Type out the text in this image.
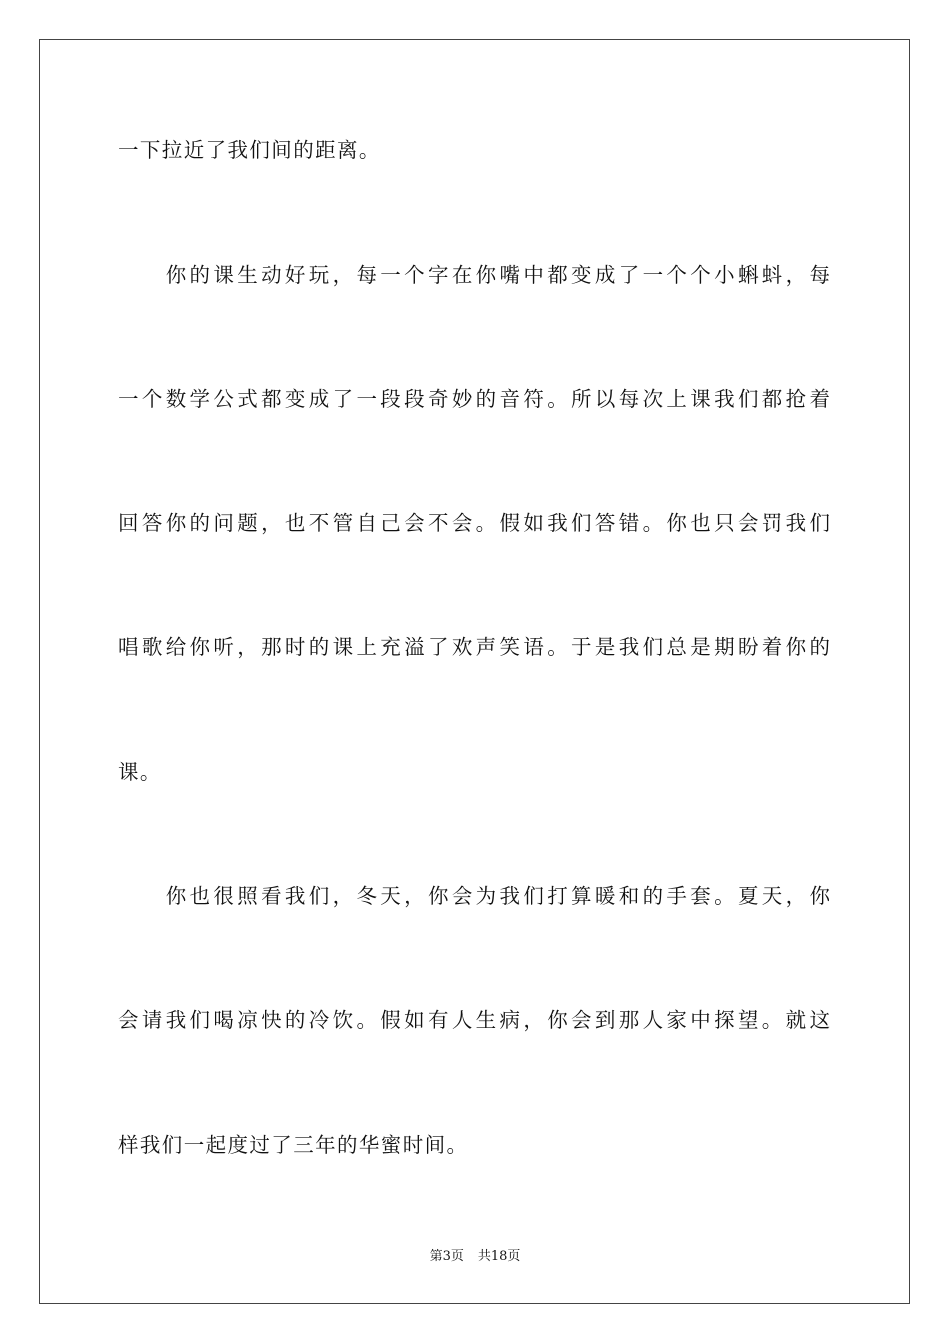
一下拉近了我们间的距离。
　　你的课生动好玩，每一个字在你嘴中都变成了一个个小蝌蚪，每
一个数学公式都变成了一段段奇妙的音符。所以每次上课我们都抢着
回答你的问题，也不管自己会不会。假如我们答错。你也只会罚我们
唱歌给你听，那时的课上充溢了欢声笑语。于是我们总是期盼着你的
课。
　　你也很照看我们，冬天，你会为我们打算暖和的手套。夏天，你
会请我们喝凉快的冷饮。假如有人生病，你会到那人家中探望。就这
样我们一起度过了三年的华蜜时间。
第3页 共18页
